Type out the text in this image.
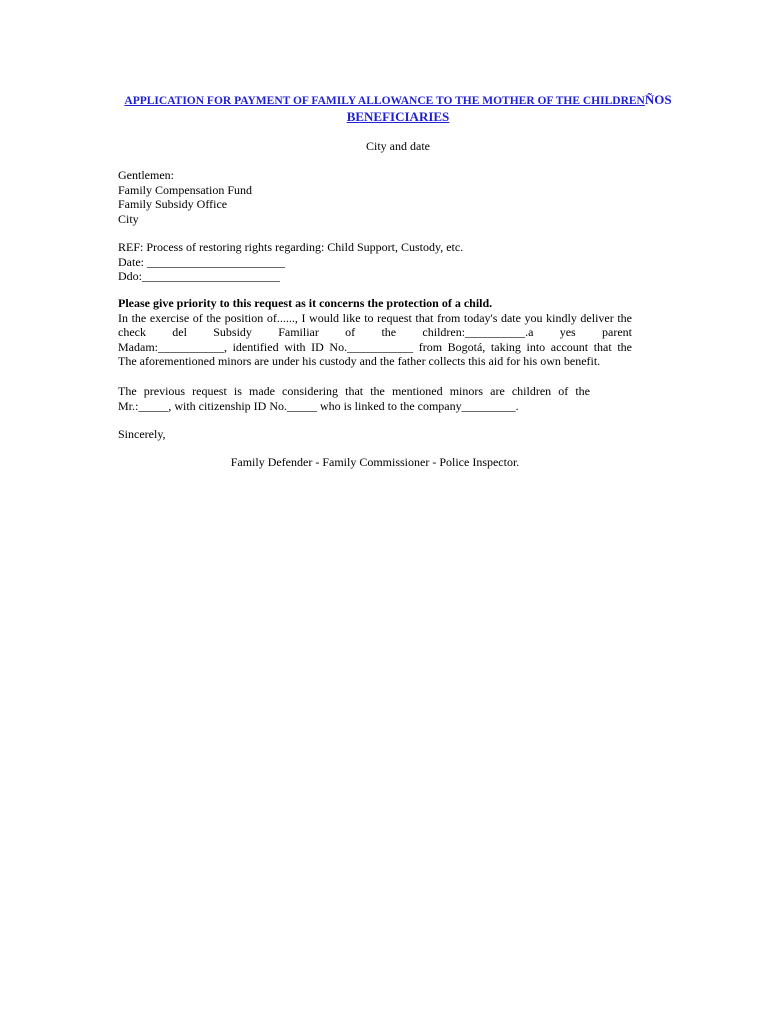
APPLICATION FOR PAYMENT OF FAMILY ALLOWANCE TO THE MOTHER OF THE CHILDRENÑOS
BENEFICIARIES
City and date
Gentlemen:
Family Compensation Fund
Family Subsidy Office
City
REF: Process of restoring rights regarding: Child Support, Custody, etc.
Date: _______________________
Ddo:_______________________
Please give priority to this request as it concerns the protection of a child.
In the exercise of the position of......, I would like to request that from today's date you kindly deliver the
check del Subsidy Familiar of the children:__________.a yes parent
Madam:___________, identified with ID No.___________ from Bogotá, taking into account that the
The aforementioned minors are under his custody and the father collects this aid for his own benefit.
The previous request is made considering that the mentioned minors are children of the
Mr.:_____, with citizenship ID No._____ who is linked to the company_________.
Sincerely,
Family Defender - Family Commissioner - Police Inspector.
